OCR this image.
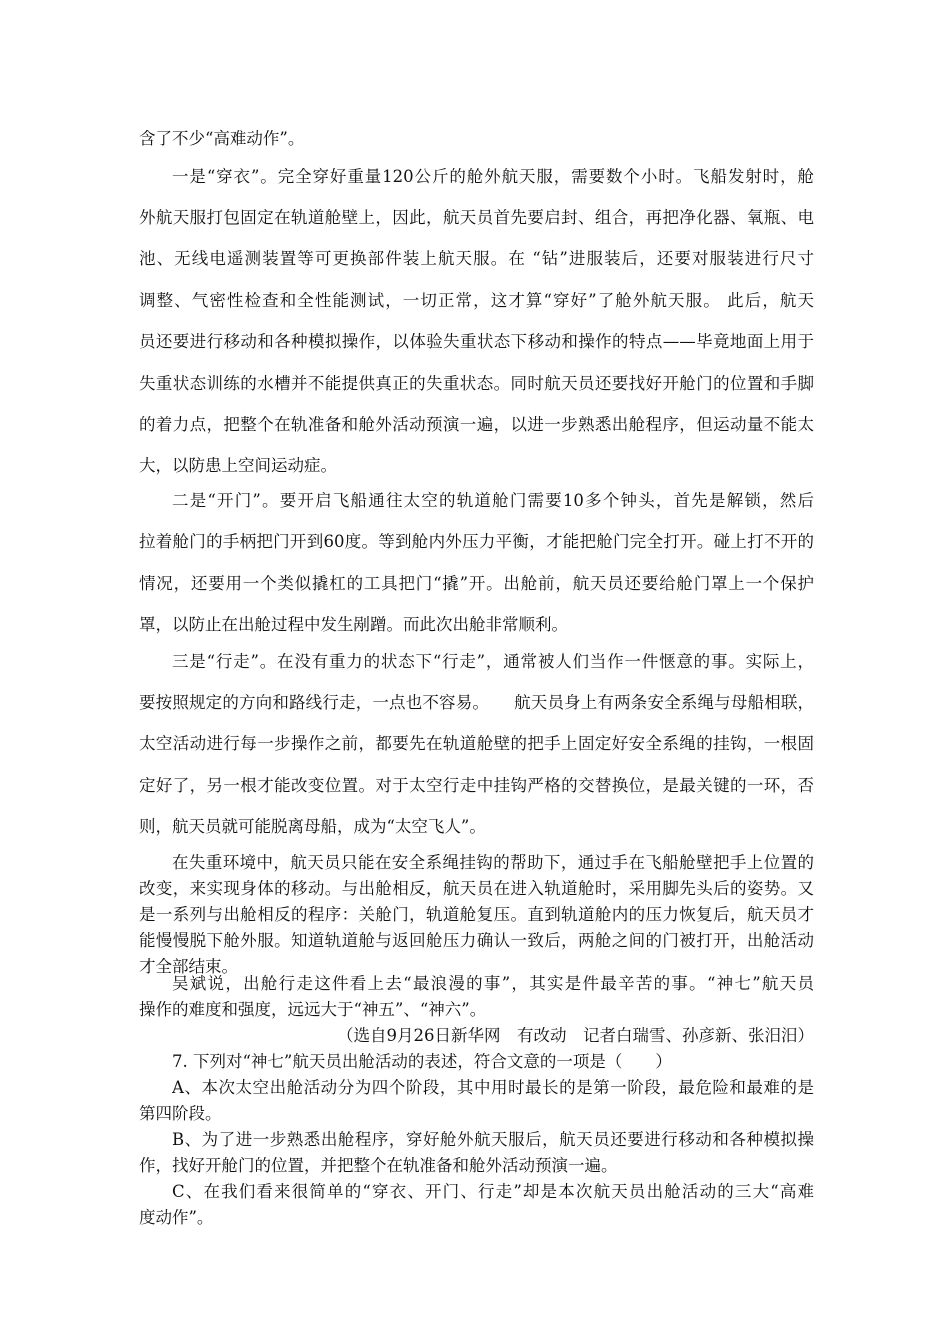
含了不少“高难动作”。
一是“穿衣”。完全穿好重量120公斤的舱外航天服，需要数个小时。飞船发射时，舱
外航天服打包固定在轨道舱壁上，因此，航天员首先要启封、组合，再把净化器、氧瓶、电
池、无线电遥测装置等可更换部件装上航天服。在 “钻”进服装后，还要对服装进行尺寸
调整、气密性检查和全性能测试，一切正常，这才算“穿好”了舱外航天服。 此后，航天
员还要进行移动和各种模拟操作，以体验失重状态下移动和操作的特点——毕竟地面上用于
失重状态训练的水槽并不能提供真正的失重状态。同时航天员还要找好开舱门的位置和手脚
的着力点，把整个在轨准备和舱外活动预演一遍，以进一步熟悉出舱程序，但运动量不能太
大，以防患上空间运动症。
二是“开门”。要开启飞船通往太空的轨道舱门需要10多个钟头，首先是解锁，然后
拉着舱门的手柄把门开到60度。等到舱内外压力平衡，才能把舱门完全打开。碰上打不开的
情况，还要用一个类似撬杠的工具把门“撬”开。出舱前，航天员还要给舱门罩上一个保护
罩，以防止在出舱过程中发生剐蹭。而此次出舱非常顺利。
三是“行走”。在没有重力的状态下“行走”，通常被人们当作一件惬意的事。实际上，
要按照规定的方向和路线行走，一点也不容易。　　航天员身上有两条安全系绳与母船相联，
太空活动进行每一步操作之前，都要先在轨道舱壁的把手上固定好安全系绳的挂钩，一根固
定好了，另一根才能改变位置。对于太空行走中挂钩严格的交替换位，是最关键的一环，否
则，航天员就可能脱离母船，成为“太空飞人”。
在失重环境中，航天员只能在安全系绳挂钩的帮助下，通过手在飞船舱壁把手上位置的
改变，来实现身体的移动。与出舱相反，航天员在进入轨道舱时，采用脚先头后的姿势。又
是一系列与出舱相反的程序：关舱门，轨道舱复压。直到轨道舱内的压力恢复后，航天员才
能慢慢脱下舱外服。知道轨道舱与返回舱压力确认一致后，两舱之间的门被打开，出舱活动
才全部结束。
吴斌说，出舱行走这件看上去“最浪漫的事”，其实是件最辛苦的事。“神七”航天员
操作的难度和强度，远远大于“神五”、“神六”。
（选自9月26日新华网　有改动　记者白瑞雪、孙彦新、张汨汨）
7. 下列对“神七”航天员出舱活动的表述，符合文意的一项是（　　）
A、本次太空出舱活动分为四个阶段，其中用时最长的是第一阶段，最危险和最难的是
第四阶段。
B、为了进一步熟悉出舱程序，穿好舱外航天服后，航天员还要进行移动和各种模拟操
作，找好开舱门的位置，并把整个在轨准备和舱外活动预演一遍。
C、在我们看来很简单的“穿衣、开门、行走”却是本次航天员出舱活动的三大“高难
度动作”。
